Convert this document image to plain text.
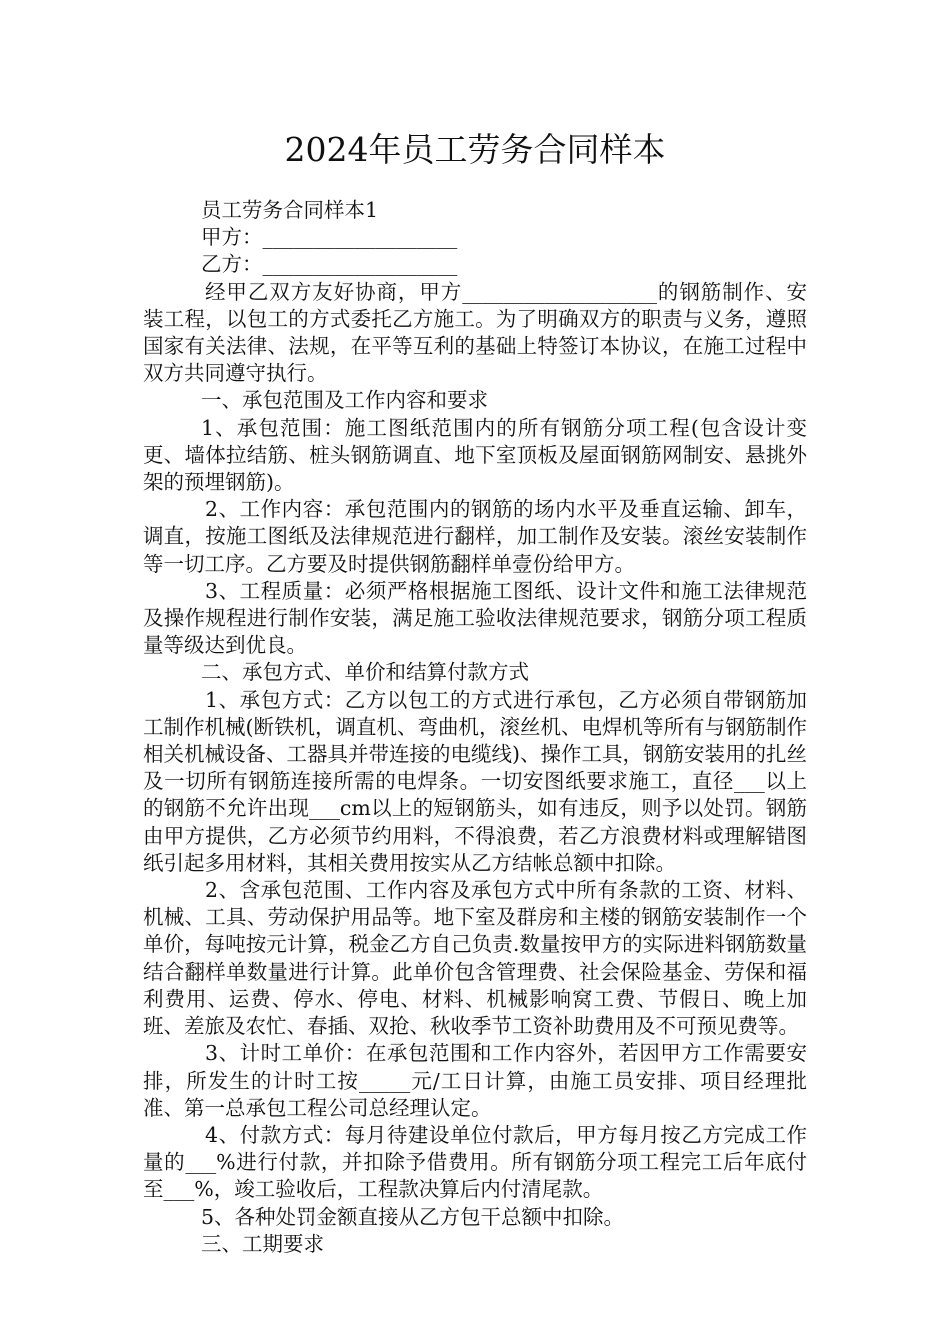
2024年员工劳务合同样本

员工劳务合同样本1

甲方：___________________

乙方：___________________

经甲乙双方友好协商，甲方___________________的钢筋制作、安装工程，以包工的方式委托乙方施工。为了明确双方的职责与义务，遵照国家有关法律、法规，在平等互利的基础上特签订本协议，在施工过程中双方共同遵守执行。

一、承包范围及工作内容和要求

1、承包范围：施工图纸范围内的所有钢筋分项工程(包含设计变更、墙体拉结筋、桩头钢筋调直、地下室顶板及屋面钢筋网制安、悬挑外架的预埋钢筋)。

2、工作内容：承包范围内的钢筋的场内水平及垂直运输、卸车，调直，按施工图纸及法律规范进行翻样，加工制作及安装。滚丝安装制作等一切工序。乙方要及时提供钢筋翻样单壹份给甲方。

3、工程质量：必须严格根据施工图纸、设计文件和施工法律规范及操作规程进行制作安装，满足施工验收法律规范要求，钢筋分项工程质量等级达到优良。

二、承包方式、单价和结算付款方式

1、承包方式：乙方以包工的方式进行承包，乙方必须自带钢筋加工制作机械(断铁机，调直机、弯曲机，滚丝机、电焊机等所有与钢筋制作相关机械设备、工器具并带连接的电缆线)、操作工具，钢筋安装用的扎丝及一切所有钢筋连接所需的电焊条。一切安图纸要求施工，直径___以上的钢筋不允许出现___cm以上的短钢筋头，如有违反，则予以处罚。钢筋由甲方提供，乙方必须节约用料，不得浪费，若乙方浪费材料或理解错图纸引起多用材料，其相关费用按实从乙方结帐总额中扣除。

2、含承包范围、工作内容及承包方式中所有条款的工资、材料、机械、工具、劳动保护用品等。地下室及群房和主楼的钢筋安装制作一个单价，每吨按元计算，税金乙方自己负责.数量按甲方的实际进料钢筋数量结合翻样单数量进行计算。此单价包含管理费、社会保险基金、劳保和福利费用、运费、停水、停电、材料、机械影响窝工费、节假日、晚上加班、差旅及农忙、春插、双抢、秋收季节工资补助费用及不可预见费等。

3、计时工单价：在承包范围和工作内容外，若因甲方工作需要安排，所发生的计时工按_____元/工日计算，由施工员安排、项目经理批准、第一总承包工程公司总经理认定。

4、付款方式：每月待建设单位付款后，甲方每月按乙方完成工作量的___%进行付款，并扣除予借费用。所有钢筋分项工程完工后年底付至___%，竣工验收后，工程款决算后内付清尾款。

5、各种处罚金额直接从乙方包干总额中扣除。

三、工期要求
